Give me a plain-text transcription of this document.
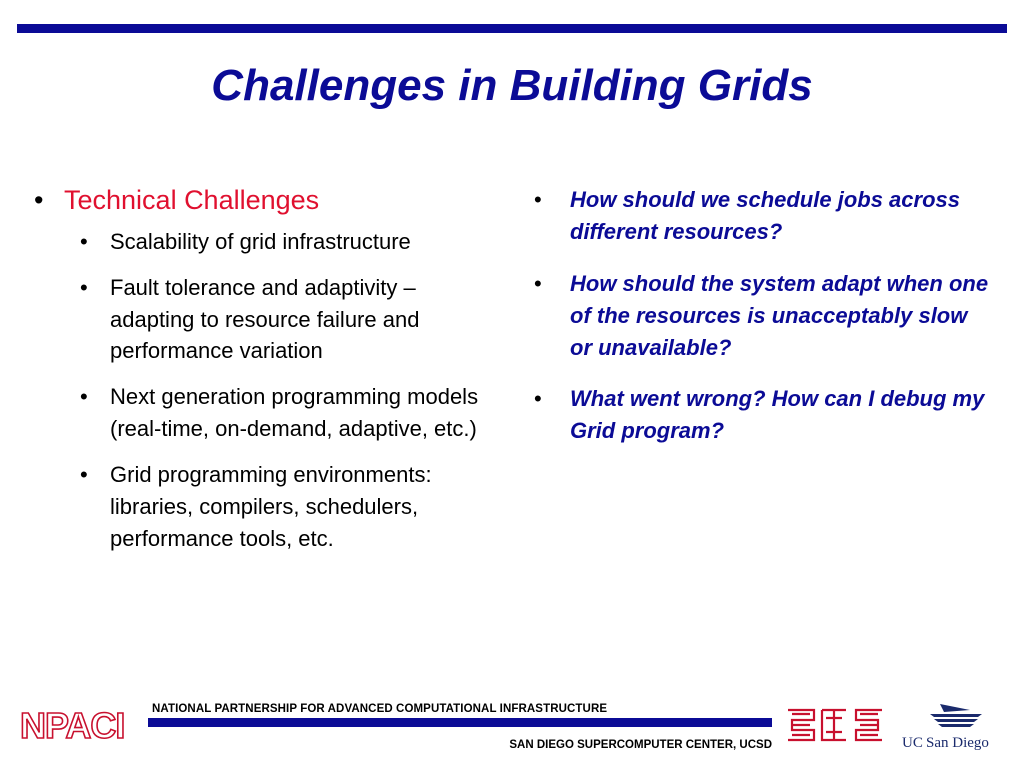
Challenges in Building Grids
• Technical Challenges
•	Scalability of grid infrastructure
•	Fault tolerance and adaptivity – adapting to resource failure and performance variation
•	Next generation programming models (real-time, on-demand, adaptive, etc.)
•	Grid programming environments: libraries, compilers, schedulers, performance tools, etc.
•	How should we schedule jobs across different resources?
•	How should the system adapt when one of the resources is unacceptably slow or unavailable?
•	What went wrong? How can I debug my Grid program?
NPACI NATIONAL PARTNERSHIP FOR ADVANCED COMPUTATIONAL INFRASTRUCTURE
SAN DIEGO SUPERCOMPUTER CENTER, UCSD	UC San Diego
